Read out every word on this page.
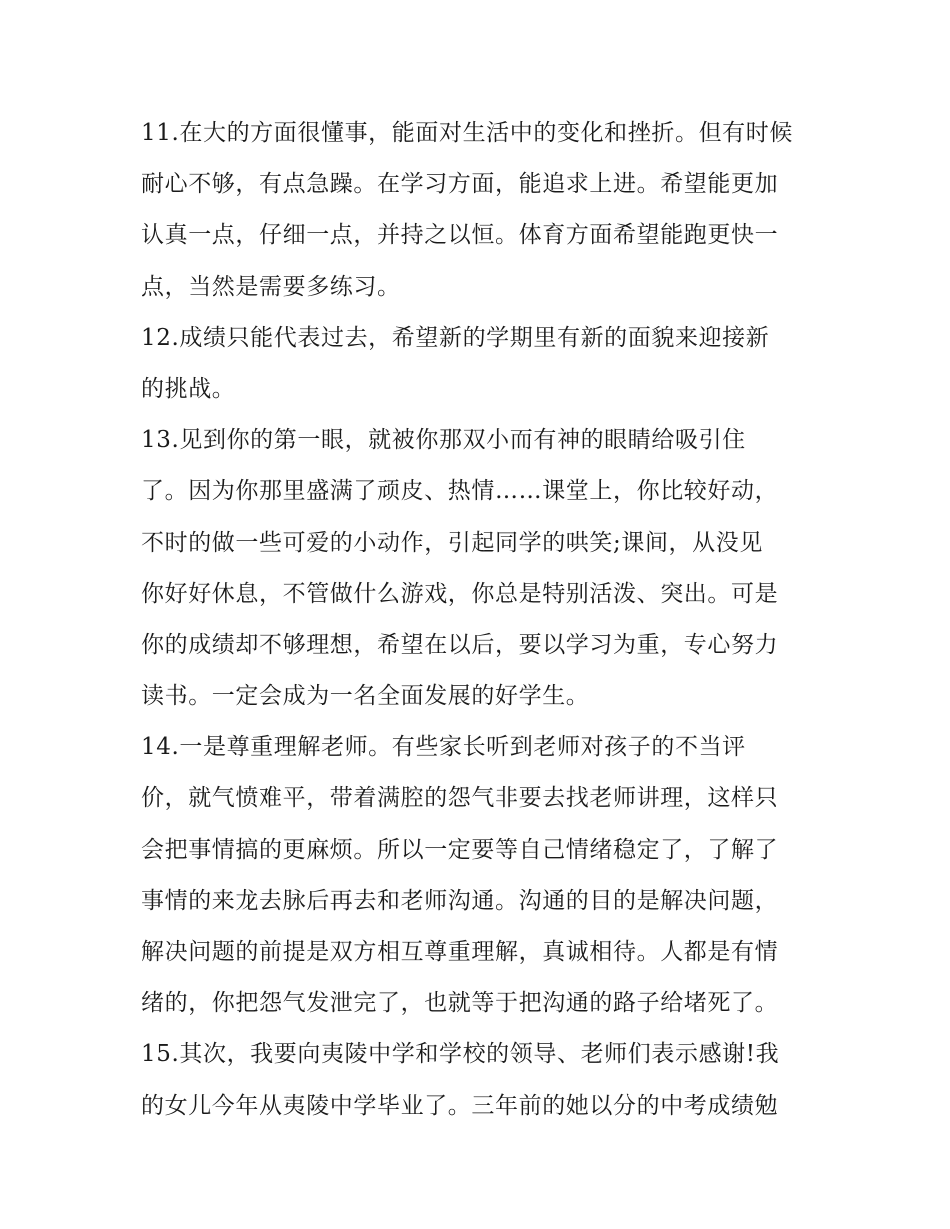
11.在大的方面很懂事，能面对生活中的变化和挫折。但有时候
耐心不够，有点急躁。在学习方面，能追求上进。希望能更加
认真一点，仔细一点，并持之以恒。体育方面希望能跑更快一
点，当然是需要多练习。
12.成绩只能代表过去，希望新的学期里有新的面貌来迎接新
的挑战。
13.见到你的第一眼，就被你那双小而有神的眼睛给吸引住
了。因为你那里盛满了顽皮、热情……课堂上，你比较好动，
不时的做一些可爱的小动作，引起同学的哄笑;课间，从没见
你好好休息，不管做什么游戏，你总是特别活泼、突出。可是
你的成绩却不够理想，希望在以后，要以学习为重，专心努力
读书。一定会成为一名全面发展的好学生。
14.一是尊重理解老师。有些家长听到老师对孩子的不当评
价，就气愤难平，带着满腔的怨气非要去找老师讲理，这样只
会把事情搞的更麻烦。所以一定要等自己情绪稳定了，了解了
事情的来龙去脉后再去和老师沟通。沟通的目的是解决问题，
解决问题的前提是双方相互尊重理解，真诚相待。人都是有情
绪的，你把怨气发泄完了，也就等于把沟通的路子给堵死了。
15.其次，我要向夷陵中学和学校的领导、老师们表示感谢!我
的女儿今年从夷陵中学毕业了。三年前的她以分的中考成绩勉
